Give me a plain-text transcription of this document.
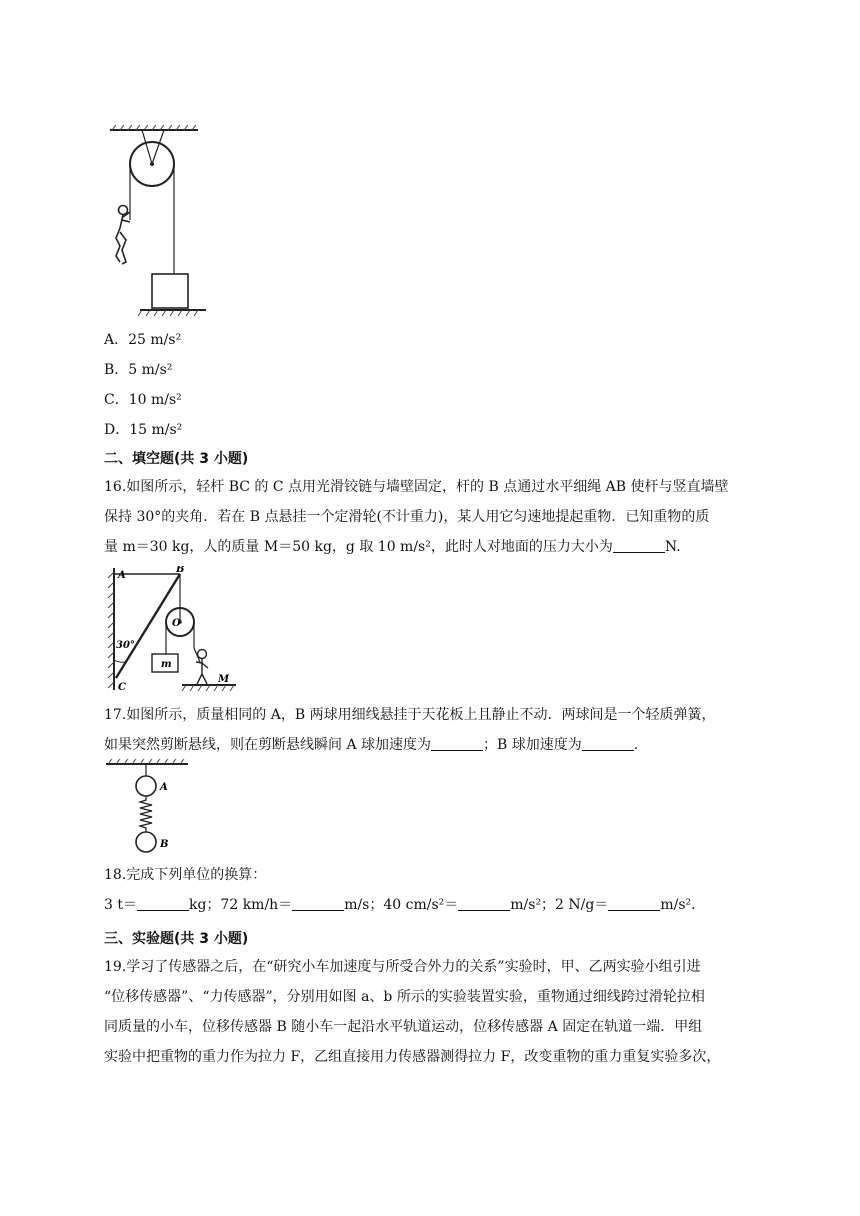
A．25 m/s²
B．5 m/s²
C．10 m/s²
D．15 m/s²
二、填空题(共 3 小题)
16.如图所示，轻杆 BC 的 C 点用光滑铰链与墙壁固定，杆的 B 点通过水平细绳 AB 使杆与竖直墙壁
保持 30°的夹角．若在 B 点悬挂一个定滑轮(不计重力)，某人用它匀速地提起重物．已知重物的质
量 m＝30 kg，人的质量 M＝50 kg，g 取 10 m/s²，此时人对地面的压力大小为	N.
A
B
O
30°
C
m
M
17.如图所示，质量相同的 A，B 两球用细线悬挂于天花板上且静止不动．两球间是一个轻质弹簧，
如果突然剪断悬线，则在剪断悬线瞬间 A 球加速度为	；B 球加速度为	.
A
B
18.完成下列单位的换算：
3 t＝	kg；72 km/h＝	m/s；40 cm/s²＝	m/s²；2 N/g＝	m/s².
三、实验题(共 3 小题)
19.学习了传感器之后，在“研究小车加速度与所受合外力的关系”实验时，甲、乙两实验小组引进
“位移传感器”、“力传感器”，分别用如图 a、b 所示的实验装置实验，重物通过细线跨过滑轮拉相
同质量的小车，位移传感器 B 随小车一起沿水平轨道运动，位移传感器 A 固定在轨道一端．甲组
实验中把重物的重力作为拉力 F，乙组直接用力传感器测得拉力 F，改变重物的重力重复实验多次，
